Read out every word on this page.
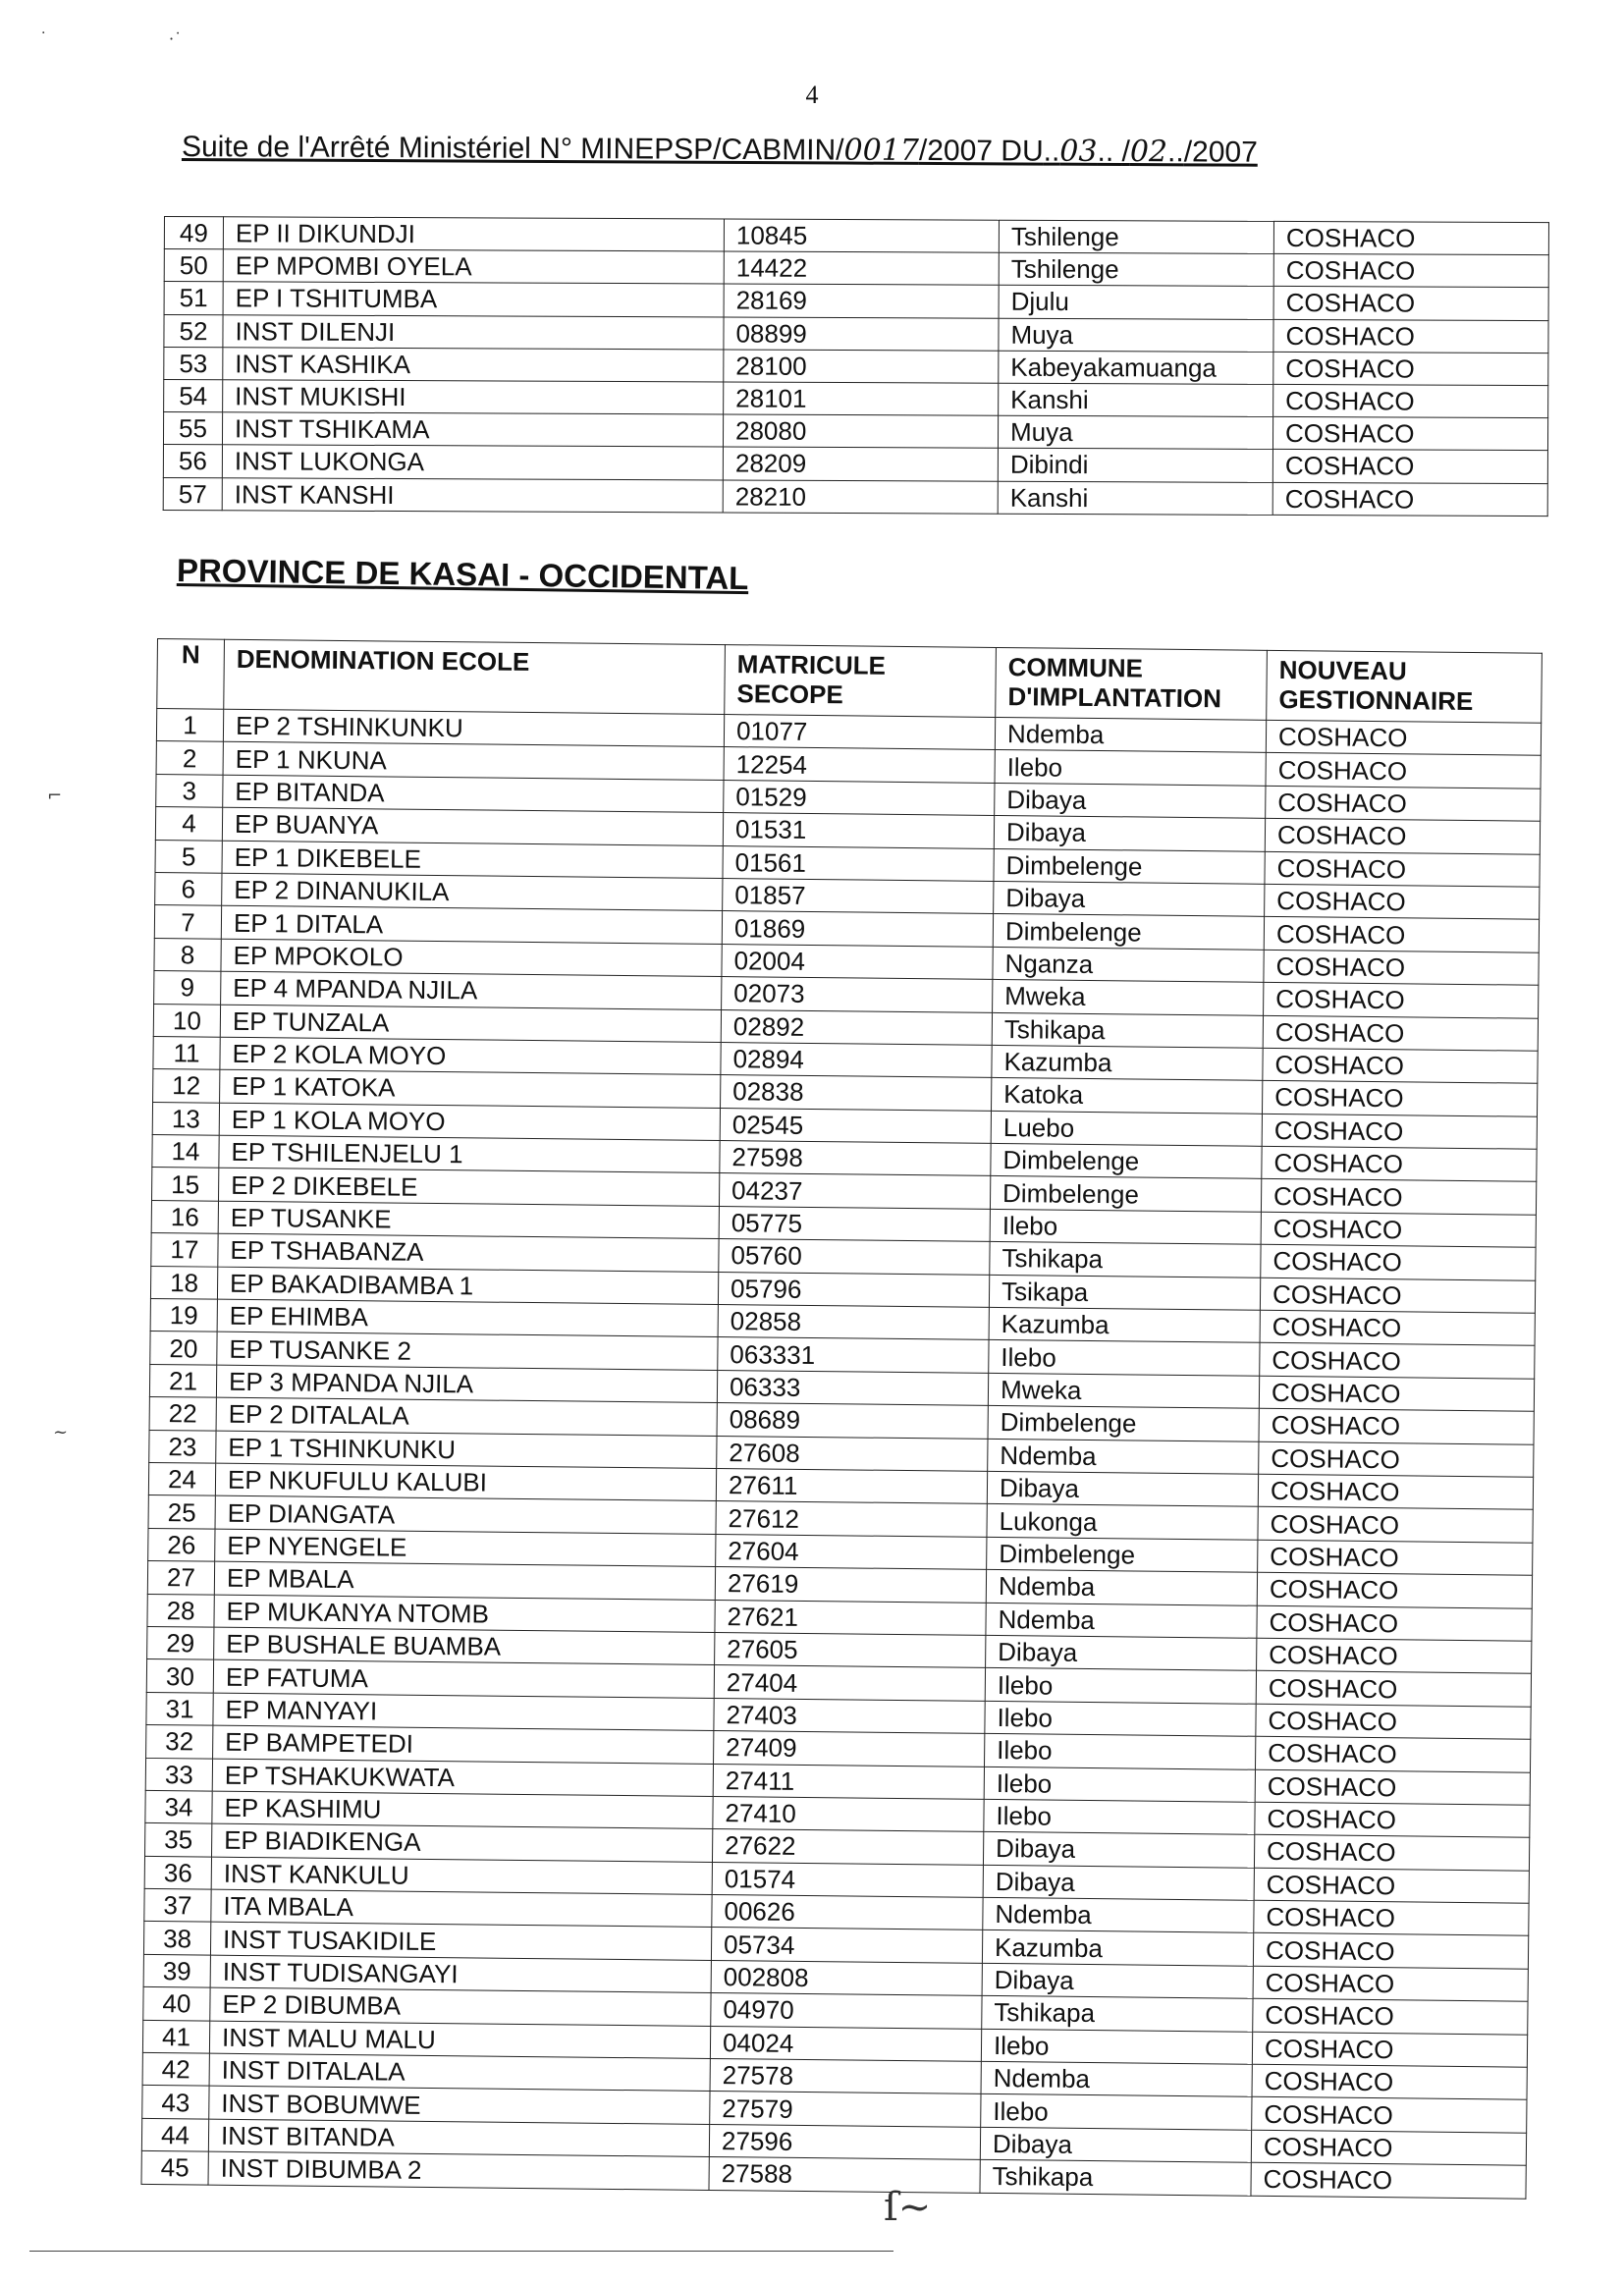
4
Suite de l'Arrêté Ministériel N° MINEPSP/CABMIN/0017/2007 DU..03.. /02../2007
49	EP II DIKUNDJI	10845	Tshilenge	COSHACO
50	EP MPOMBI OYELA	14422	Tshilenge	COSHACO
51	EP I TSHITUMBA	28169	Djulu	COSHACO
52	INST DILENJI	08899	Muya	COSHACO
53	INST KASHIKA	28100	Kabeyakamuanga	COSHACO
54	INST MUKISHI	28101	Kanshi	COSHACO
55	INST TSHIKAMA	28080	Muya	COSHACO
56	INST LUKONGA	28209	Dibindi	COSHACO
57	INST KANSHI	28210	Kanshi	COSHACO
PROVINCE DE KASAI - OCCIDENTAL
N	DENOMINATION ECOLE	MATRICULE SECOPE	COMMUNE D'IMPLANTATION	NOUVEAU GESTIONNAIRE
1	EP 2 TSHINKUNKU	01077	Ndemba	COSHACO
2	EP 1 NKUNA	12254	Ilebo	COSHACO
3	EP BITANDA	01529	Dibaya	COSHACO
4	EP BUANYA	01531	Dibaya	COSHACO
5	EP 1 DIKEBELE	01561	Dimbelenge	COSHACO
6	EP 2 DINANUKILA	01857	Dibaya	COSHACO
7	EP 1 DITALA	01869	Dimbelenge	COSHACO
8	EP MPOKOLO	02004	Nganza	COSHACO
9	EP 4 MPANDA NJILA	02073	Mweka	COSHACO
10	EP TUNZALA	02892	Tshikapa	COSHACO
11	EP 2 KOLA MOYO	02894	Kazumba	COSHACO
12	EP 1 KATOKA	02838	Katoka	COSHACO
13	EP 1 KOLA MOYO	02545	Luebo	COSHACO
14	EP TSHILENJELU 1	27598	Dimbelenge	COSHACO
15	EP 2 DIKEBELE	04237	Dimbelenge	COSHACO
16	EP TUSANKE	05775	Ilebo	COSHACO
17	EP TSHABANZA	05760	Tshikapa	COSHACO
18	EP BAKADIBAMBA 1	05796	Tsikapa	COSHACO
19	EP EHIMBA	02858	Kazumba	COSHACO
20	EP TUSANKE 2	063331	Ilebo	COSHACO
21	EP 3 MPANDA NJILA	06333	Mweka	COSHACO
22	EP 2 DITALALA	08689	Dimbelenge	COSHACO
23	EP 1 TSHINKUNKU	27608	Ndemba	COSHACO
24	EP NKUFULU KALUBI	27611	Dibaya	COSHACO
25	EP DIANGATA	27612	Lukonga	COSHACO
26	EP NYENGELE	27604	Dimbelenge	COSHACO
27	EP MBALA	27619	Ndemba	COSHACO
28	EP MUKANYA NTOMB	27621	Ndemba	COSHACO
29	EP BUSHALE BUAMBA	27605	Dibaya	COSHACO
30	EP FATUMA	27404	Ilebo	COSHACO
31	EP MANYAYI	27403	Ilebo	COSHACO
32	EP BAMPETEDI	27409	Ilebo	COSHACO
33	EP TSHAKUKWATA	27411	Ilebo	COSHACO
34	EP KASHIMU	27410	Ilebo	COSHACO
35	EP BIADIKENGA	27622	Dibaya	COSHACO
36	INST KANKULU	01574	Dibaya	COSHACO
37	ITA MBALA	00626	Ndemba	COSHACO
38	INST TUSAKIDILE	05734	Kazumba	COSHACO
39	INST TUDISANGAYI	002808	Dibaya	COSHACO
40	EP 2 DIBUMBA	04970	Tshikapa	COSHACO
41	INST MALU MALU	04024	Ilebo	COSHACO
42	INST DITALALA	27578	Ndemba	COSHACO
43	INST BOBUMWE	27579	Ilebo	COSHACO
44	INST BITANDA	27596	Dibaya	COSHACO
45	INST DIBUMBA 2	27588	Tshikapa	COSHACO
·	·˙
⌐
~
ſ~
